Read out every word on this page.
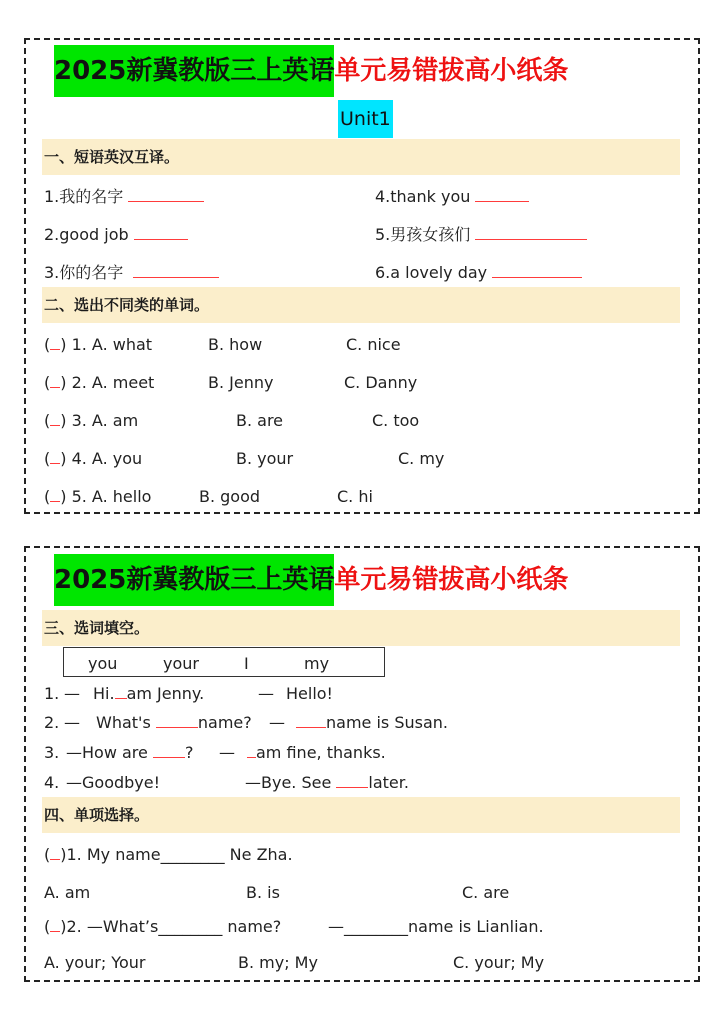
2025新冀教版三上英语单元易错拔高小纸条
Unit1
一、短语英汉互译。
1.我的名字
2.good job
3.你的名字
4.thank you
5.男孩女孩们
6.a lovely day
二、选出不同类的单词。
( ) 1. A. what	B. how	C. nice
( ) 2. A. meet	B. Jenny	C. Danny
( ) 3. A. am	B. are	C. too
( ) 4. A. you	B. your	C. my
( ) 5. A. hello	B. good	C. hi
2025新冀教版三上英语单元易错拔高小纸条
三、选词填空。
you	your	I	my
1. — Hi. am Jenny.	— Hello!
2. — What's	name? —	name is Susan.
3. —How are ? —	am fine, thanks.
4. —Goodbye!	—Bye. See later.
四、单项选择。
( )1. My name________ Ne Zha.
A. am	B. is	C. are
( )2. —What’s________ name?	—________name is Lianlian.
A. your; Your	B. my; My	C. your; My
